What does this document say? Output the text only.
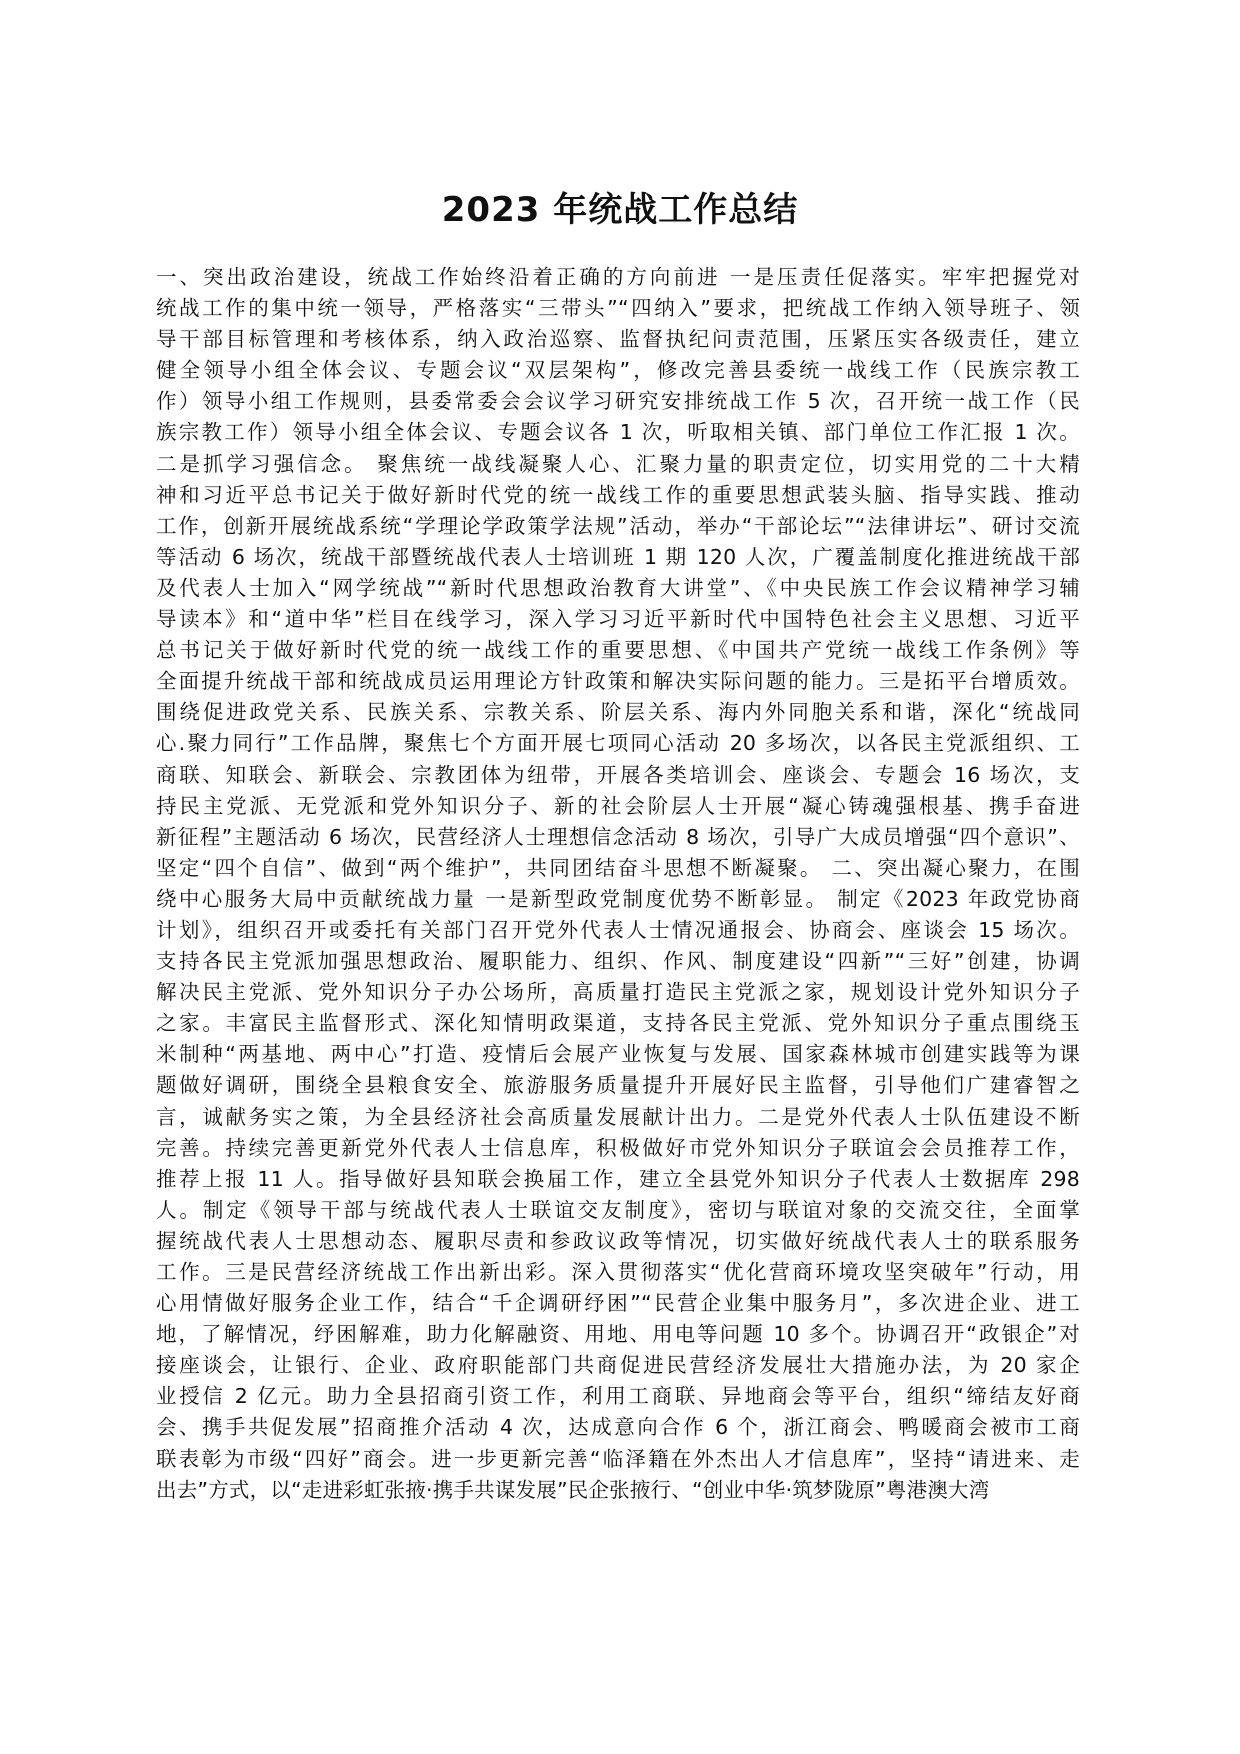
2023 年统战工作总结
一、突出政治建设，统战工作始终沿着正确的方向前进 一是压责任促落实。牢牢把握党对
统战工作的集中统一领导，严格落实“三带头”“四纳入”要求，把统战工作纳入领导班子、领
导干部目标管理和考核体系，纳入政治巡察、监督执纪问责范围，压紧压实各级责任，建立
健全领导小组全体会议、专题会议“双层架构”，修改完善县委统一战线工作（民族宗教工
作）领导小组工作规则，县委常委会会议学习研究安排统战工作 5 次，召开统一战工作（民
族宗教工作）领导小组全体会议、专题会议各 1 次，听取相关镇、部门单位工作汇报 1 次。
二是抓学习强信念。 聚焦统一战线凝聚人心、汇聚力量的职责定位，切实用党的二十大精
神和习近平总书记关于做好新时代党的统一战线工作的重要思想武装头脑、指导实践、推动
工作，创新开展统战系统“学理论学政策学法规”活动，举办“干部论坛”“法律讲坛”、研讨交流
等活动 6 场次，统战干部暨统战代表人士培训班 1 期 120 人次，广覆盖制度化推进统战干部
及代表人士加入“网学统战”“新时代思想政治教育大讲堂”、《中央民族工作会议精神学习辅
导读本》和“道中华”栏目在线学习，深入学习习近平新时代中国特色社会主义思想、习近平
总书记关于做好新时代党的统一战线工作的重要思想、《中国共产党统一战线工作条例》等
全面提升统战干部和统战成员运用理论方针政策和解决实际问题的能力。三是拓平台增质效。
围绕促进政党关系、民族关系、宗教关系、阶层关系、海内外同胞关系和谐，深化“统战同
心.聚力同行”工作品牌，聚焦七个方面开展七项同心活动 20 多场次，以各民主党派组织、工
商联、知联会、新联会、宗教团体为纽带，开展各类培训会、座谈会、专题会 16 场次，支
持民主党派、无党派和党外知识分子、新的社会阶层人士开展“凝心铸魂强根基、携手奋进
新征程”主题活动 6 场次，民营经济人士理想信念活动 8 场次，引导广大成员增强“四个意识”、
坚定“四个自信”、做到“两个维护”，共同团结奋斗思想不断凝聚。 二、突出凝心聚力，在围
绕中心服务大局中贡献统战力量 一是新型政党制度优势不断彰显。 制定《2023 年政党协商
计划》，组织召开或委托有关部门召开党外代表人士情况通报会、协商会、座谈会 15 场次。
支持各民主党派加强思想政治、履职能力、组织、作风、制度建设“四新”“三好”创建，协调
解决民主党派、党外知识分子办公场所，高质量打造民主党派之家，规划设计党外知识分子
之家。丰富民主监督形式、深化知情明政渠道，支持各民主党派、党外知识分子重点围绕玉
米制种“两基地、两中心”打造、疫情后会展产业恢复与发展、国家森林城市创建实践等为课
题做好调研，围绕全县粮食安全、旅游服务质量提升开展好民主监督，引导他们广建睿智之
言，诚献务实之策，为全县经济社会高质量发展献计出力。二是党外代表人士队伍建设不断
完善。持续完善更新党外代表人士信息库，积极做好市党外知识分子联谊会会员推荐工作，
推荐上报 11 人。指导做好县知联会换届工作，建立全县党外知识分子代表人士数据库 298
人。制定《领导干部与统战代表人士联谊交友制度》，密切与联谊对象的交流交往，全面掌
握统战代表人士思想动态、履职尽责和参政议政等情况，切实做好统战代表人士的联系服务
工作。三是民营经济统战工作出新出彩。深入贯彻落实“优化营商环境攻坚突破年”行动，用
心用情做好服务企业工作，结合“千企调研纾困”“民营企业集中服务月”，多次进企业、进工
地，了解情况，纾困解难，助力化解融资、用地、用电等问题 10 多个。协调召开“政银企”对
接座谈会，让银行、企业、政府职能部门共商促进民营经济发展壮大措施办法，为 20 家企
业授信 2 亿元。助力全县招商引资工作，利用工商联、异地商会等平台，组织“缔结友好商
会、携手共促发展”招商推介活动 4 次，达成意向合作 6 个，浙江商会、鸭暖商会被市工商
联表彰为市级“四好”商会。进一步更新完善“临泽籍在外杰出人才信息库”，坚持“请进来、走
出去”方式，以“走进彩虹张掖·携手共谋发展”民企张掖行、“创业中华·筑梦陇原”粤港澳大湾
